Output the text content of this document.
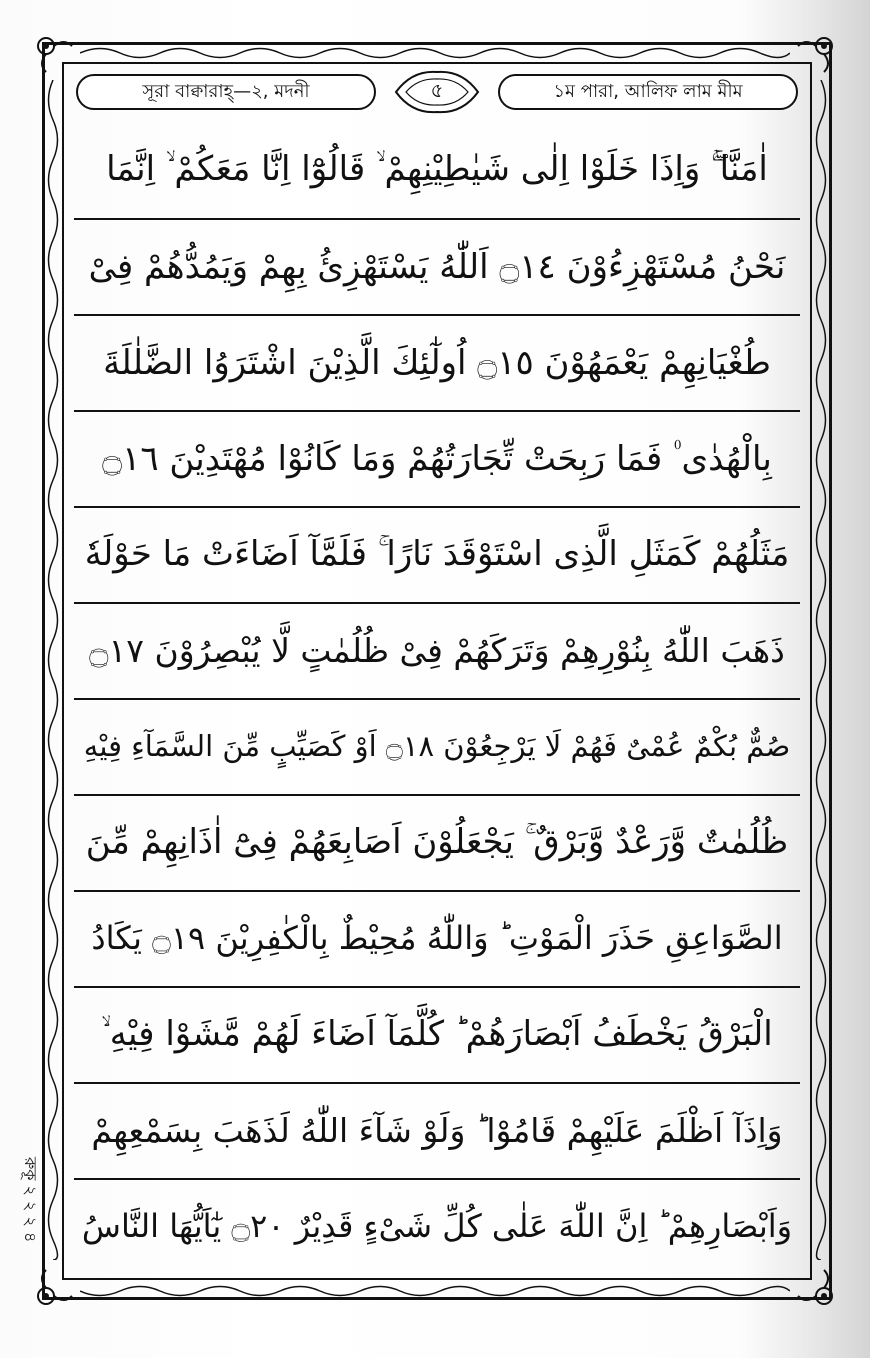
সূরা বাক্বারাহ্‌—২, মদনী	৫	১ম পারা, আলিফ লাম মীম
اٰمَنَّا ۖۚ وَاِذَا خَلَوْا اِلٰى شَيٰطِيْنِهِمْ ۙ قَالُوْٓا اِنَّا مَعَكُمْ ۙ اِنَّمَا
نَحْنُ مُسْتَهْزِءُوْنَ ۝١٤ اَللّٰهُ يَسْتَهْزِئُ بِهِمْ وَيَمُدُّهُمْ فِىْ
طُغْيَانِهِمْ يَعْمَهُوْنَ ۝١٥ اُولٰٓئِكَ الَّذِيْنَ اشْتَرَوُا الضَّلٰلَةَ
بِالْهُدٰى ۠ فَمَا رَبِحَتْ تِّجَارَتُهُمْ وَمَا كَانُوْا مُهْتَدِيْنَ ۝١٦
مَثَلُهُمْ كَمَثَلِ الَّذِى اسْتَوْقَدَ نَارًا ۚ فَلَمَّآ اَضَاءَتْ مَا حَوْلَهٗ
ذَهَبَ اللّٰهُ بِنُوْرِهِمْ وَتَرَكَهُمْ فِىْ ظُلُمٰتٍ لَّا يُبْصِرُوْنَ ۝١٧
صُمٌّ بُكْمٌ عُمْىٌ فَهُمْ لَا يَرْجِعُوْنَ ۝١٨ اَوْ كَصَيِّبٍ مِّنَ السَّمَآءِ فِيْهِ
ظُلُمٰتٌ وَّرَعْدٌ وَّبَرْقٌ ۚ يَجْعَلُوْنَ اَصَابِعَهُمْ فِىْٓ اٰذَانِهِمْ مِّنَ
الصَّوَاعِقِ حَذَرَ الْمَوْتِ ؕ وَاللّٰهُ مُحِيْطٌ بِالْكٰفِرِيْنَ ۝١٩ يَكَادُ
الْبَرْقُ يَخْطَفُ اَبْصَارَهُمْ ؕ كُلَّمَآ اَضَاءَ لَهُمْ مَّشَوْا فِيْهِ ۙ
وَاِذَآ اَظْلَمَ عَلَيْهِمْ قَامُوْا ؕ وَلَوْ شَآءَ اللّٰهُ لَذَهَبَ بِسَمْعِهِمْ
وَاَبْصَارِهِمْ ؕ اِنَّ اللّٰهَ عَلٰى كُلِّ شَىْءٍ قَدِيْرٌ ۝٢٠ يٰٓاَيُّهَا النَّاسُ
রুকূ ২ ২ ২ ৪
